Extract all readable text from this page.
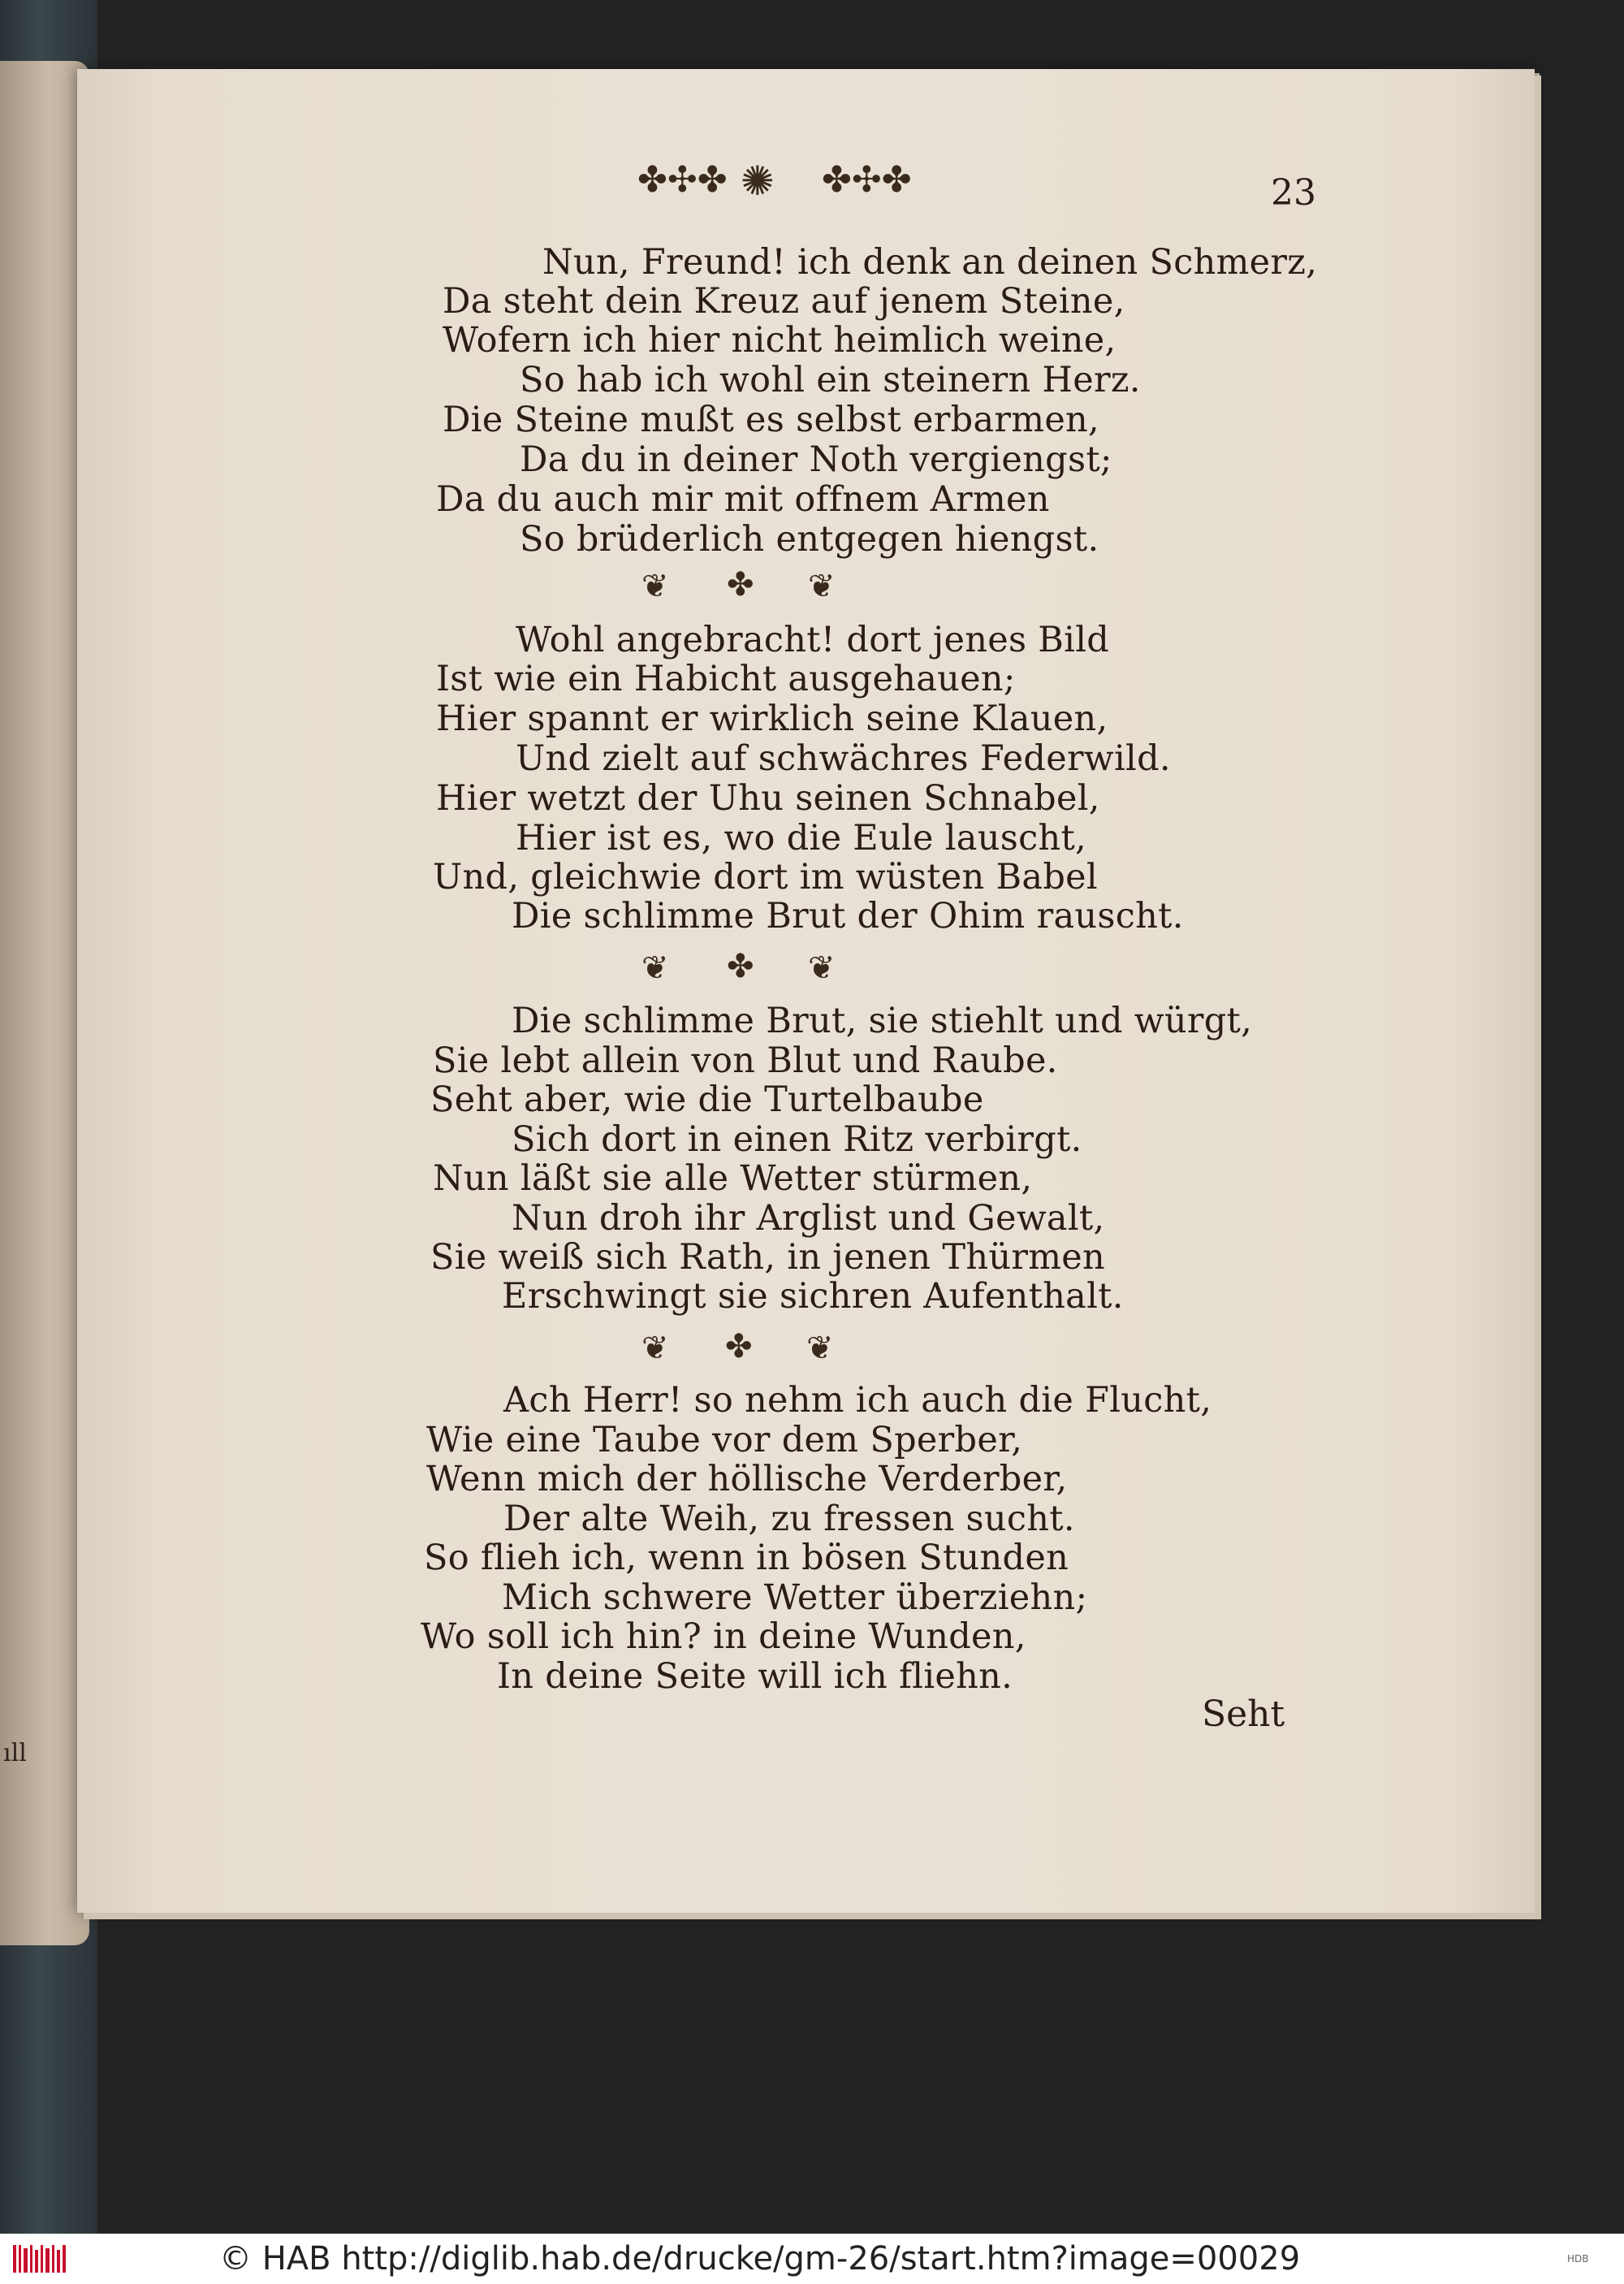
ıll
✤✣✤ ✺ ✤✣✤	23
Nun, Freund! ich denk an deinen Schmerz,
Da steht dein Kreuz auf jenem Steine,
Wofern ich hier nicht heimlich weine,
So hab ich wohl ein steinern Herz.
Die Steine mußt es selbst erbarmen,
Da du in deiner Noth vergiengst;
Da du auch mir mit offnem Armen
So brüderlich entgegen hiengst.
❦ ✤ ❦
Wohl angebracht! dort jenes Bild
Ist wie ein Habicht ausgehauen;
Hier spannt er wirklich seine Klauen,
Und zielt auf schwächres Federwild.
Hier wetzt der Uhu seinen Schnabel,
Hier ist es, wo die Eule lauscht,
Und, gleichwie dort im wüsten Babel
Die schlimme Brut der Ohim rauscht.
❦ ✤ ❦
Die schlimme Brut, sie stiehlt und würgt,
Sie lebt allein von Blut und Raube.
Seht aber, wie die Turtelbaube
Sich dort in einen Ritz verbirgt.
Nun läßt sie alle Wetter stürmen,
Nun droh ihr Arglist und Gewalt,
Sie weiß sich Rath, in jenen Thürmen
Erschwingt sie sichren Aufenthalt.
❦ ✤ ❦
Ach Herr! so nehm ich auch die Flucht,
Wie eine Taube vor dem Sperber,
Wenn mich der höllische Verderber,
Der alte Weih, zu fressen sucht.
So flieh ich, wenn in bösen Stunden
Mich schwere Wetter überziehn;
Wo soll ich hin? in deine Wunden,
In deine Seite will ich fliehn.
Seht
© HAB http://diglib.hab.de/drucke/gm-26/start.htm?image=00029	HDB
